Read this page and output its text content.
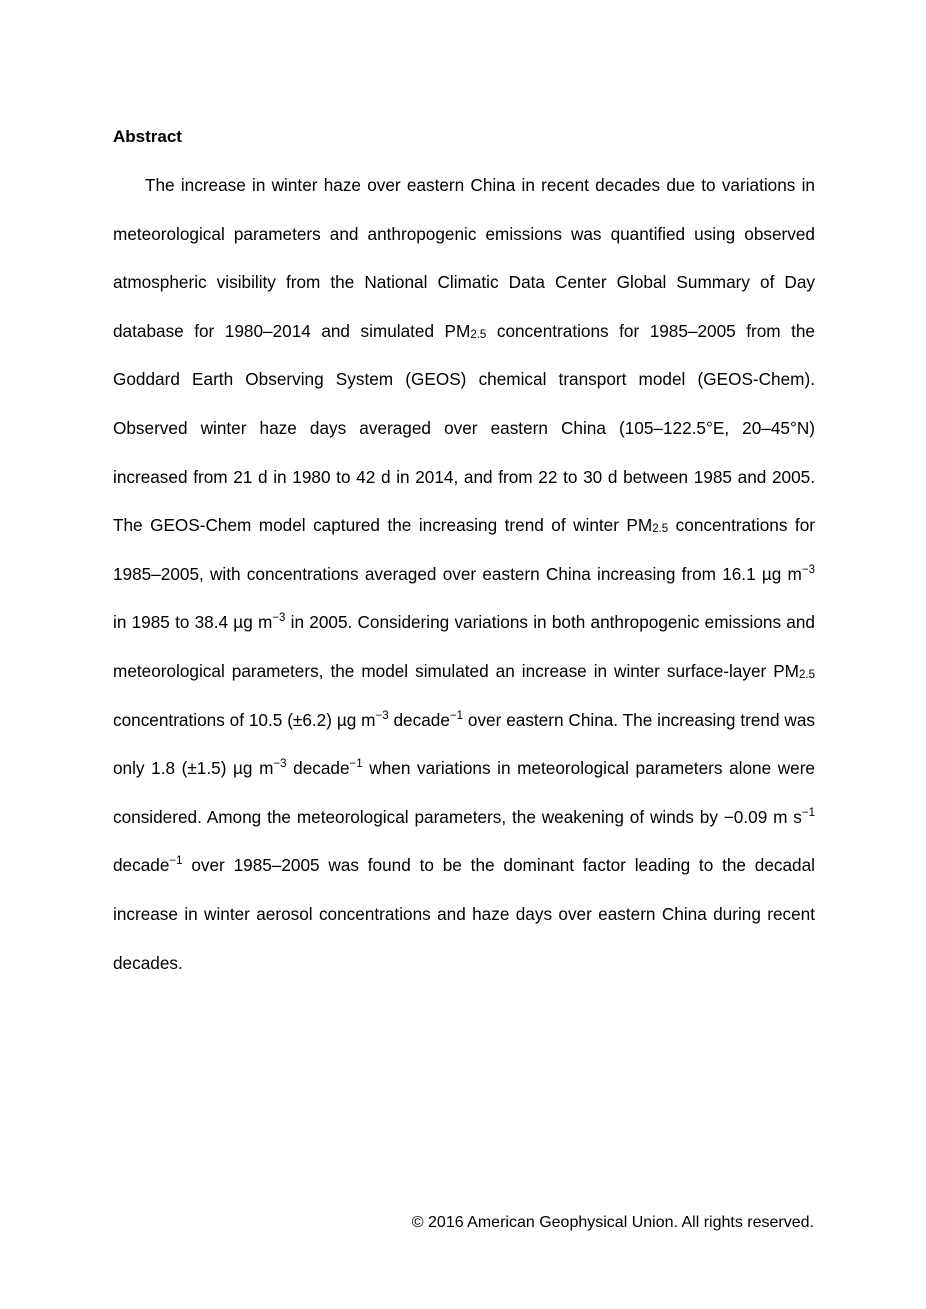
Abstract

The increase in winter haze over eastern China in recent decades due to variations in meteorological parameters and anthropogenic emissions was quantified using observed atmospheric visibility from the National Climatic Data Center Global Summary of Day database for 1980–2014 and simulated $PM_{2.5}$ concentrations for 1985–2005 from the Goddard Earth Observing System (GEOS) chemical transport model (GEOS-Chem). Observed winter haze days averaged over eastern China (105–122.5°E, 20–45°N) increased from 21 d in 1980 to 42 d in 2014, and from 22 to 30 d between 1985 and 2005. The GEOS-Chem model captured the increasing trend of winter $PM_{2.5}$ concentrations for 1985–2005, with concentrations averaged over eastern China increasing from 16.1 µg $m^{-3}$ in 1985 to 38.4 µg $m^{-3}$ in 2005. Considering variations in both anthropogenic emissions and meteorological parameters, the model simulated an increase in winter surface-layer $PM_{2.5}$ concentrations of 10.5 (±6.2) µg $m^{-3}$ decade$^{-1}$ over eastern China. The increasing trend was only 1.8 (±1.5) µg $m^{-3}$ decade$^{-1}$ when variations in meteorological parameters alone were considered. Among the meteorological parameters, the weakening of winds by −0.09 m $s^{-1}$ decade$^{-1}$ over 1985–2005 was found to be the dominant factor leading to the decadal increase in winter aerosol concentrations and haze days over eastern China during recent decades.

© 2016 American Geophysical Union. All rights reserved.
